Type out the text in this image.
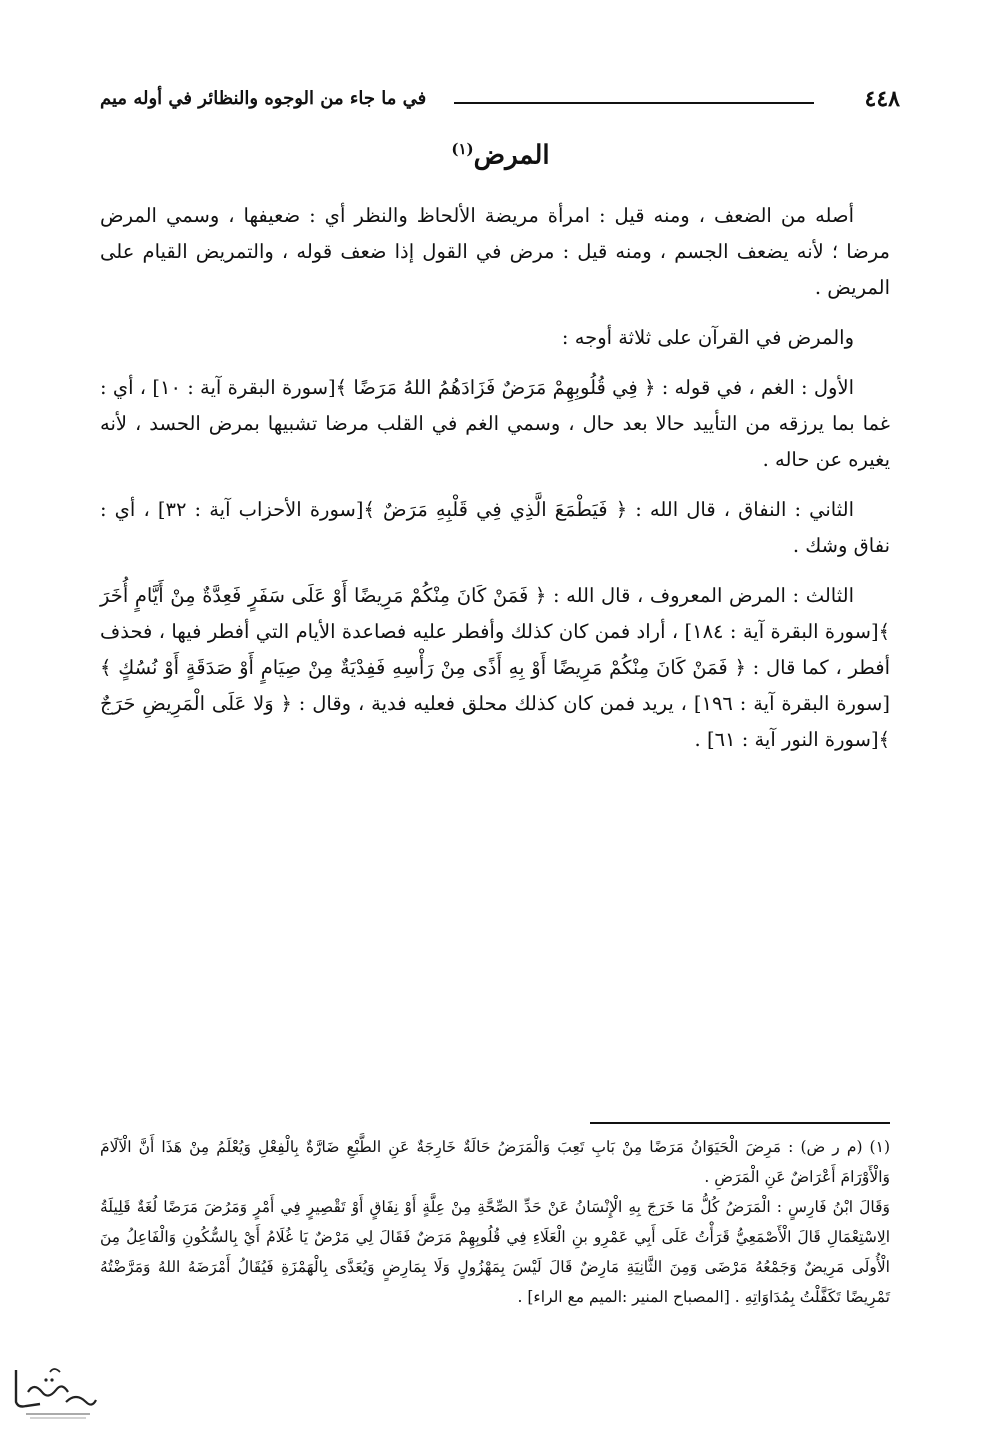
٤٤٨
في ما جاء من الوجوه والنظائر في أوله ميم
المرض$^{(١)}$

أصله من الضعف ، ومنه قيل : امرأة مريضة الألحاظ والنظر أي : ضعيفها ، وسمي المرض مرضا ؛ لأنه يضعف الجسم ، ومنه قيل : مرض في القول إذا ضعف قوله ، والتمريض القيام على المريض .

والمرض في القرآن على ثلاثة أوجه :

الأول : الغم ، في قوله : ﴿ فِي قُلُوبِهِمْ مَرَضٌ فَزَادَهُمُ اللهُ مَرَضًا ﴾[سورة البقرة آية : ١٠] ، أي : غما بما يرزقه من التأييد حالا بعد حال ، وسمي الغم في القلب مرضا تشبيها بمرض الحسد ، لأنه يغيره عن حاله .

الثاني : النفاق ، قال الله : ﴿ فَيَطْمَعَ الَّذِي فِي قَلْبِهِ مَرَضٌ ﴾[سورة الأحزاب آية : ٣٢] ، أي : نفاق وشك .

الثالث : المرض المعروف ، قال الله : ﴿ فَمَنْ كَانَ مِنْكُمْ مَرِيضًا أَوْ عَلَى سَفَرٍ فَعِدَّةٌ مِنْ أَيَّامٍ أُخَرَ ﴾[سورة البقرة آية : ١٨٤] ، أراد فمن كان كذلك وأفطر عليه فصاعدة الأيام التي أفطر فيها ، فحذف أفطر ، كما قال : ﴿ فَمَنْ كَانَ مِنْكُمْ مَرِيضًا أَوْ بِهِ أَذًى مِنْ رَأْسِهِ فَفِدْيَةٌ مِنْ صِيَامٍ أَوْ صَدَقَةٍ أَوْ نُسُكٍ ﴾[سورة البقرة آية : ١٩٦] ، يريد فمن كان كذلك محلق فعليه فدية ، وقال : ﴿ وَلا عَلَى الْمَرِيضِ حَرَجٌ ﴾[سورة النور آية : ٦١] .

(١) (م ر ض) : مَرِضَ الْحَيَوَانُ مَرَضًا مِنْ بَابِ تَعِبَ وَالْمَرَضُ حَالَةٌ خَارِجَةٌ عَنِ الطَّبْعِ ضَارَّةٌ بِالْفِعْلِ وَيُعْلَمُ مِنْ هَذَا أَنَّ الْآلَامَ وَالْأَوْرَامَ أَعْرَاضٌ عَنِ الْمَرَضِ .

وَقَالَ ابْنُ فَارِسٍ : الْمَرَضُ كُلُّ مَا خَرَجَ بِهِ الْإِنْسَانُ عَنْ حَدِّ الصِّحَّةِ مِنْ عِلَّةٍ أَوْ نِفَاقٍ أَوْ تَقْصِيرٍ فِي أَمْرٍ وَمَرُضَ مَرَضًا لُغَةٌ قَلِيلَةُ الِاسْتِعْمَالِ قَالَ الْأَصْمَعِيُّ قَرَأْتُ عَلَى أَبِي عَمْرِو بنِ الْعَلَاءِ فِي قُلُوبِهِمْ مَرَضٌ فَقَالَ لِي مَرْضٌ يَا غُلَامُ أَيْ بِالسُّكُونِ وَالْفَاعِلُ مِنَ الْأُولَى مَرِيضٌ وَجَمْعُهُ مَرْضَى وَمِنَ الثَّانِيَةِ مَارِضٌ قَالَ لَيْسَ بِمَهْزُولٍ وَلَا بِمَارِضٍ وَيُعَدَّى بِالْهَمْزَةِ فَيُقَالُ أَمْرَضَهُ اللهُ وَمَرَّضْتُهُ تَمْرِيضًا تَكَفَّلْتُ بِمُدَاوَاتِهِ . [المصباح المنير :الميم مع الراء] .
